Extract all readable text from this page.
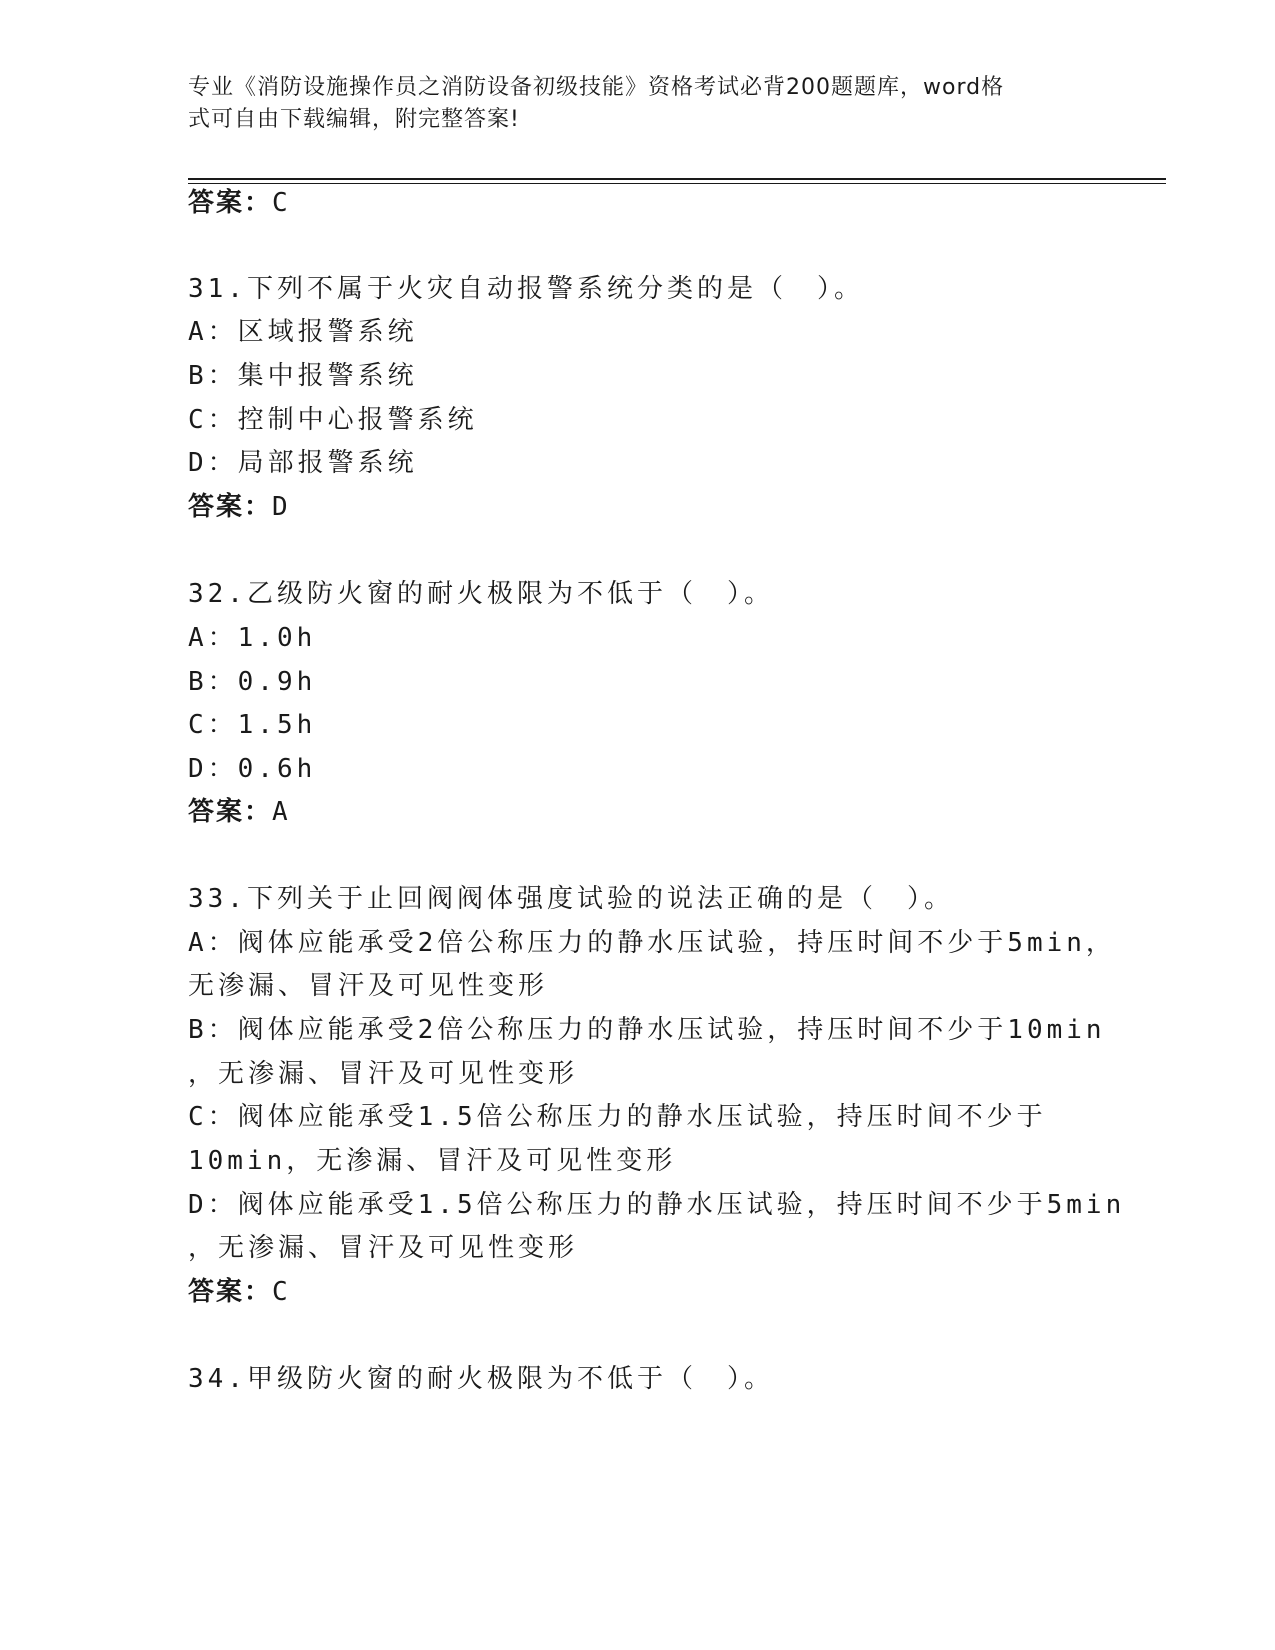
专业《消防设施操作员之消防设备初级技能》资格考试必背200题题库，word格
式可自由下载编辑，附完整答案!
答案：C
31.下列不属于火灾自动报警系统分类的是（　）。
A：区域报警系统
B：集中报警系统
C：控制中心报警系统
D：局部报警系统
答案：D
32.乙级防火窗的耐火极限为不低于（　）。
A：1.0h
B：0.9h
C：1.5h
D：0.6h
答案：A
33.下列关于止回阀阀体强度试验的说法正确的是（　）。
A：阀体应能承受2倍公称压力的静水压试验，持压时间不少于5min，
无渗漏、冒汗及可见性变形
B：阀体应能承受2倍公称压力的静水压试验，持压时间不少于10min
，无渗漏、冒汗及可见性变形
C：阀体应能承受1.5倍公称压力的静水压试验，持压时间不少于
10min，无渗漏、冒汗及可见性变形
D：阀体应能承受1.5倍公称压力的静水压试验，持压时间不少于5min
，无渗漏、冒汗及可见性变形
答案：C
34.甲级防火窗的耐火极限为不低于（　）。
